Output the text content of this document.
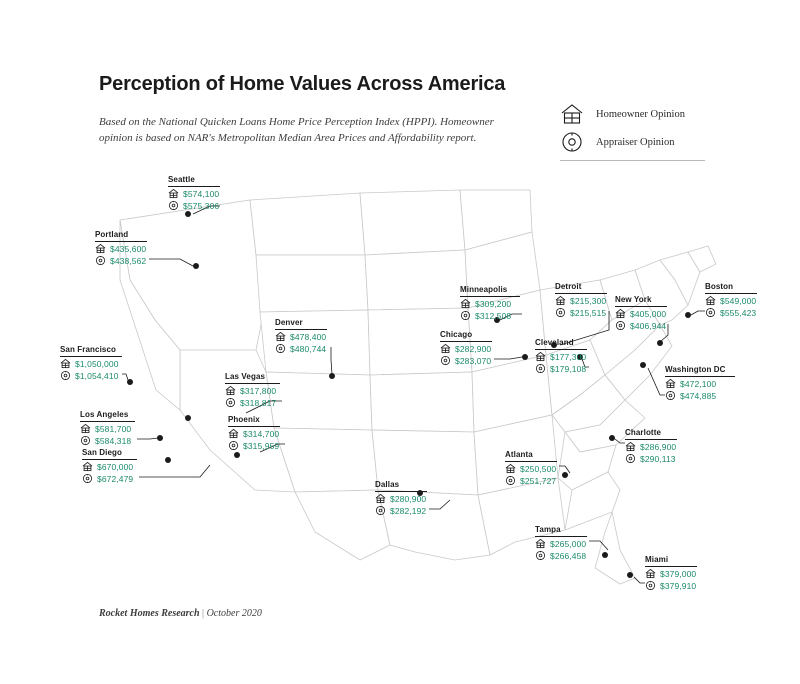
Perception of Home Values Across America

Based on the National Quicken Loans Home Price Perception Index (HPPI). Homeowner opinion is based on NAR's Metropolitan Median Area Prices and Affordability report.

Homeowner Opinion
Appraiser Opinion
Seattle
$574,100
$575,306
Portland
$435,600
$438,562
San Francisco
$1,050,000
$1,054,410
Los Angeles
$581,700
$584,318
San Diego
$670,000
$672,479
Las Vegas
$317,800
$318,817
Phoenix
$314,700
$315,959
Denver
$478,400
$480,744
Dallas
$280,900
$282,192
Minneapolis
$309,200
$312,508
Chicago
$282,900
$283,070
Detroit
$215,300
$215,515
Cleveland
$177,300
$179,108
New York
$405,000
$406,944
Boston
$549,000
$555,423
Washington DC
$472,100
$474,885
Charlotte
$286,900
$290,113
Atlanta
$250,500
$251,727
Tampa
$265,000
$266,458	Miami
$379,000
$379,910
Rocket Homes Research | October 2020
